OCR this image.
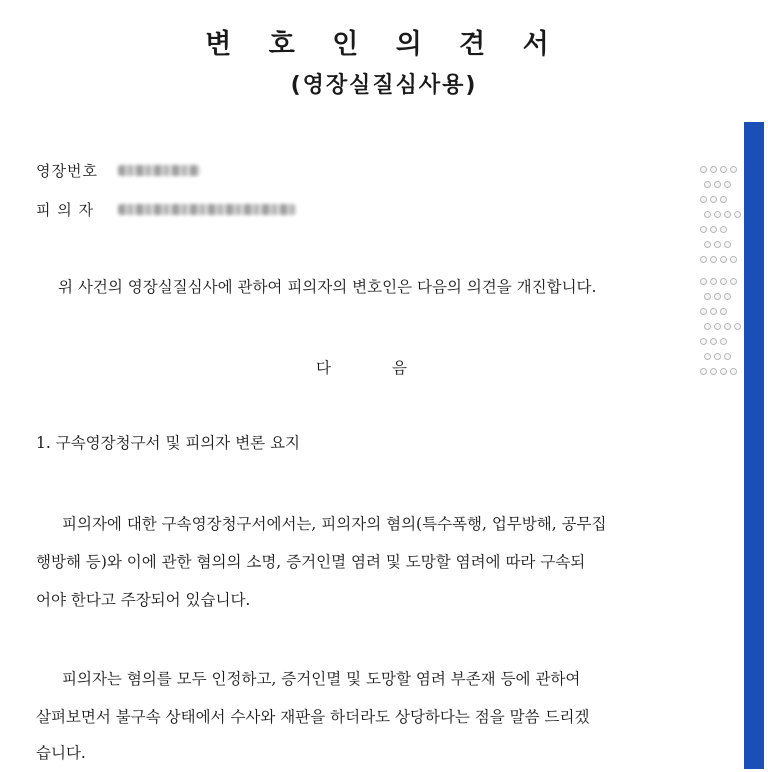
변 호 인 의 견 서
(영장실질심사용)
영장번호
피 의 자
위 사건의 영장실질심사에 관하여 피의자의 변호인은 다음의 의견을 개진합니다.
다	음
1. 구속영장청구서 및 피의자 변론 요지
피의자에 대한 구속영장청구서에서는, 피의자의 혐의(특수폭행, 업무방해, 공무집
행방해 등)와 이에 관한 혐의의 소명, 증거인멸 염려 및 도망할 염려에 따라 구속되
어야 한다고 주장되어 있습니다.
피의자는 혐의를 모두 인정하고, 증거인멸 및 도망할 염려 부존재 등에 관하여
살펴보면서 불구속 상태에서 수사와 재판을 하더라도 상당하다는 점을 말씀 드리겠
습니다.
